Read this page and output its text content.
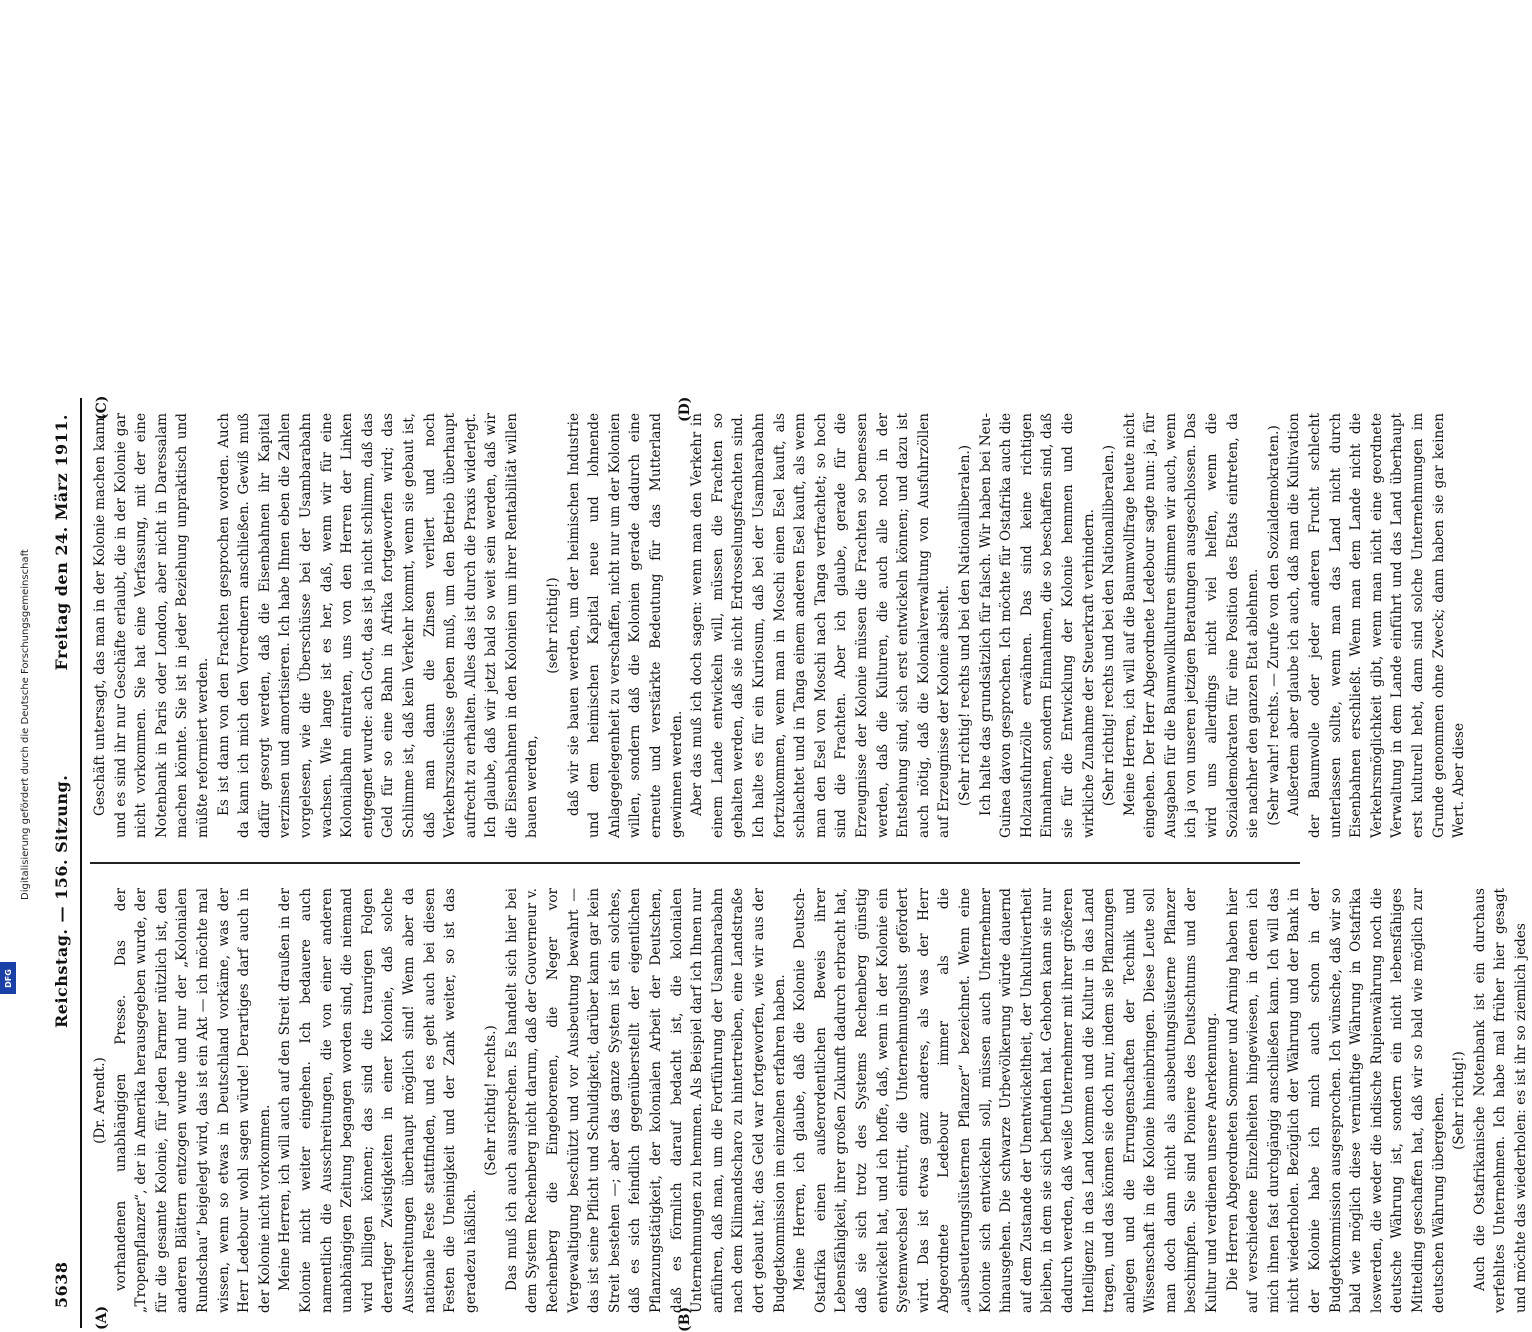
5638
Reichstag. — 156. Sitzung.
Freitag den 24. März 1911.
(A)	(B)
(C)	(D)

(Dr. Arendt.) vorhandenen unabhängigen Presse. Das der „Tropenpflanzer“, der in Amerika herausgegeben wurde, der für die gesamte Kolonie, für jeden Farmer nützlich ist, den anderen Blättern entzogen wurde und nur der „Kolonialen Rundschau“ beigelegt wird, das ist ein Akt — ich möchte mal wissen, wenn so etwas in Deutschland vorkäme, was der Herr Ledebour wohl sagen würde! Derartiges darf auch in der Kolonie nicht vorkommen. Meine Herren, ich will auch auf den Streit draußen in der Kolonie nicht weiter eingehen. Ich bedauere auch namentlich die Ausschreitungen, die von einer anderen unabhängigen Zeitung begangen worden sind, die niemand wird billigen können; das sind die traurigen Folgen derartiger Zwistigkeiten in einer Kolonie, daß solche Ausschreitungen überhaupt möglich sind! Wenn aber da nationale Feste stattfinden, und es geht auch bei diesen Festen die Uneinigkeit und der Zank weiter, so ist das geradezu häßlich.

(Sehr richtig! rechts.) Das muß ich auch aussprechen. Es handelt sich hier bei dem System Rechenberg nicht darum, daß der Gouverneur v. Rechenberg die Eingeborenen, die Neger vor Vergewaltigung beschützt und vor Ausbeutung bewahrt — das ist seine Pflicht und Schuldigkeit, darüber kann gar kein Streit bestehen —; aber das ganze System ist ein solches, daß es sich feindlich gegenüberstellt der eigentlichen Pflanzungstätigkeit, der kolonialen Arbeit der Deutschen, daß es förmlich darauf bedacht ist, die kolonialen Unternehmungen zu hemmen. Als Beispiel darf ich Ihnen nur anführen, daß man, um die Fortführung der Usambarabahn nach dem Kilimandscharo zu hintertreiben, eine Landstraße dort gebaut hat; das Geld war fortgeworfen, wie wir aus der Budgetkommission im einzelnen erfahren haben. Meine Herren, ich glaube, daß die Kolonie Deutsch-Ostafrika einen außerordentlichen Beweis ihrer Lebensfähigkeit, ihrer großen Zukunft dadurch erbracht hat, daß sie sich trotz des Systems Rechenberg günstig entwickelt hat, und ich hoffe, daß, wenn in der Kolonie ein Systemwechsel eintritt, die Unternehmungslust gefördert wird. Das ist etwas ganz anderes, als was der Herr Abgeordnete Ledebour immer als die „ausbeuterungslüsternen Pflanzer“ bezeichnet. Wenn eine Kolonie sich entwickeln soll, müssen auch Unternehmer hinausgehen. Die schwarze Urbevölkerung würde dauernd auf dem Zustande der Unentwickeltheit, der Unkultiviertheit bleiben, in dem sie sich befunden hat. Gehoben kann sie nur dadurch werden, daß weiße Unternehmer mit ihrer größeren Intelligenz in das Land kommen und die Kultur in das Land tragen, und das können sie doch nur, indem sie Pflanzungen anlegen und die Errungenschaften der Technik und Wissenschaft in die Kolonie hineinbringen. Diese Leute soll man doch dann nicht als ausbeutungslüsterne Pflanzer beschimpfen. Sie sind Pioniere des Deutschtums und der Kultur und verdienen unsere Anerkennung. Die Herren Abgeordneten Sommer und Arning haben hier auf verschiedene Einzelheiten hingewiesen, in denen ich mich ihnen fast durchgängig anschließen kann. Ich will das nicht wiederholen. Bezüglich der Währung und der Bank in der Kolonie habe ich mich auch schon in der Budgetkommission ausgesprochen. Ich wünsche, daß wir so bald wie möglich diese vernünftige Währung in Ostafrika loswerden, die weder die indische Rupienwährung noch die deutsche Währung ist, sondern ein nicht lebensfähiges Mittelding geschaffen hat, daß wir so bald wie möglich zur deutschen Währung übergehen. (Sehr richtig!) Auch die Ostafrikanische Notenbank ist ein durchaus verfehltes Unternehmen. Ich habe mal früher hier gesagt und möchte das wiederholen: es ist ihr so ziemlich jedes

Geschäft untersagt, das man in der Kolonie machen kann, und es sind ihr nur Geschäfte erlaubt, die in der Kolonie gar nicht vorkommen. Sie hat eine Verfassung, mit der eine Notenbank in Paris oder London, aber nicht in Daressalam machen könnte. Sie ist in jeder Beziehung unpraktisch und müßte reformiert werden. Es ist dann von den Frachten gesprochen worden. Auch da kann ich mich den Vorrednern anschließen. Gewiß muß dafür gesorgt werden, daß die Eisenbahnen ihr Kapital verzinsen und amortisieren. Ich habe Ihnen eben die Zahlen vorgelesen, wie die Überschüsse bei der Usambarabahn wachsen. Wie lange ist es her, daß, wenn wir für eine Kolonialbahn eintraten, uns von den Herren der Linken entgegnet wurde: ach Gott, das ist ja nicht schlimm, daß das Geld für so eine Bahn in Afrika fortgeworfen wird; das Schlimme ist, daß kein Verkehr kommt, wenn sie gebaut ist, daß man dann die Zinsen verliert und noch Verkehrszuschüsse geben muß, um den Betrieb überhaupt aufrecht zu erhalten. Alles das ist durch die Praxis widerlegt. Ich glaube, daß wir jetzt bald so weit sein werden, daß wir die Eisenbahnen in den Kolonien um ihrer Rentabilität willen bauen werden,

(sehr richtig!) daß wir sie bauen werden, um der heimischen Industrie und dem heimischen Kapital neue und lohnende Anlagegelegenheit zu verschaffen, nicht nur um der Kolonien willen, sondern daß die Kolonien gerade dadurch eine erneute und verstärkte Bedeutung für das Mutterland gewinnen werden. Aber das muß ich doch sagen: wenn man den Verkehr in einem Lande entwickeln will, müssen die Frachten so gehalten werden, daß sie nicht Erdrosselungsfrachten sind. Ich halte es für ein Kuriosum, daß bei der Usambarabahn fortzukommen, wenn man in Moschi einen Esel kauft, als schlachtet und in Tanga einem anderen Esel kauft, als wenn man den Esel von Moschi nach Tanga verfrachtet; so hoch sind die Frachten. Aber ich glaube, gerade für die Erzeugnisse der Kolonie müssen die Frachten so bemessen werden, daß die Kulturen, die auch alle noch in der Entstehung sind, sich erst entwickeln können; und dazu ist auch nötig, daß die Kolonialverwaltung von Ausfuhrzöllen auf Erzeugnisse der Kolonie absieht. (Sehr richtig! rechts und bei den Nationalliberalen.) Ich halte das grundsätzlich für falsch. Wir haben bei Neu-Guinea davon gesprochen. Ich möchte für Ostafrika auch die Holzausfuhrzölle erwähnen. Das sind keine richtigen Einnahmen, sondern Einnahmen, die so beschaffen sind, daß sie für die Entwicklung der Kolonie hemmen und die wirkliche Zunahme der Steuerkraft verhindern. (Sehr richtig! rechts und bei den Nationalliberalen.) Meine Herren, ich will auf die Baumwollfrage heute nicht eingehen. Der Herr Abgeordnete Ledebour sagte nun: ja, für Ausgaben für die Baumwollkulturen stimmen wir auch, wenn ich ja von unseren jetzigen Beratungen ausgeschlossen. Das wird uns allerdings nicht viel helfen, wenn die Sozialdemokraten für eine Position des Etats eintreten, da sie nachher den ganzen Etat ablehnen. (Sehr wahr! rechts. — Zurufe von den Sozialdemokraten.) Außerdem aber glaube ich auch, daß man die Kultivation der Baumwolle oder jeder anderen Frucht schlecht unterlassen sollte, wenn man das Land nicht durch Eisenbahnen erschließt. Wenn man dem Lande nicht die Verkehrsmöglichkeit gibt, wenn man nicht eine geordnete Verwaltung in dem Lande einführt und das Land überhaupt erst kulturell hebt, dann sind solche Unternehmungen im Grunde genommen ohne Zweck; dann haben sie gar keinen Wert. Aber diese

Digitalisierung gefördert durch die Deutsche Forschungsgemeinschaft
DFG
